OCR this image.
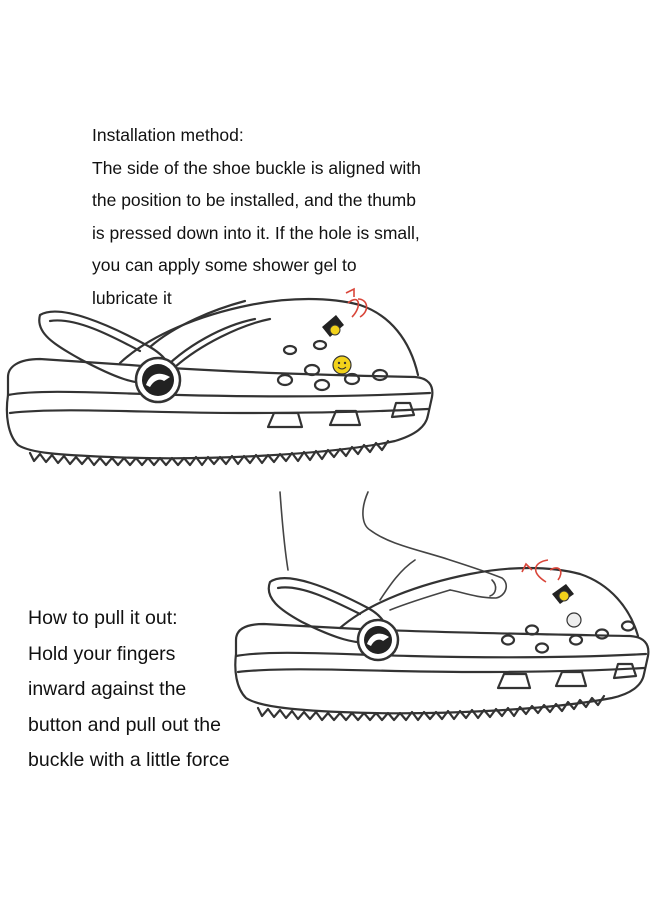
Installation method:
The side of the shoe buckle is aligned with
the position to be installed, and the thumb
is pressed down into it. If the hole is small,
you can apply some shower gel to
lubricate it
How to pull it out:
Hold your fingers
inward against the
button and pull out the
buckle with a little force
